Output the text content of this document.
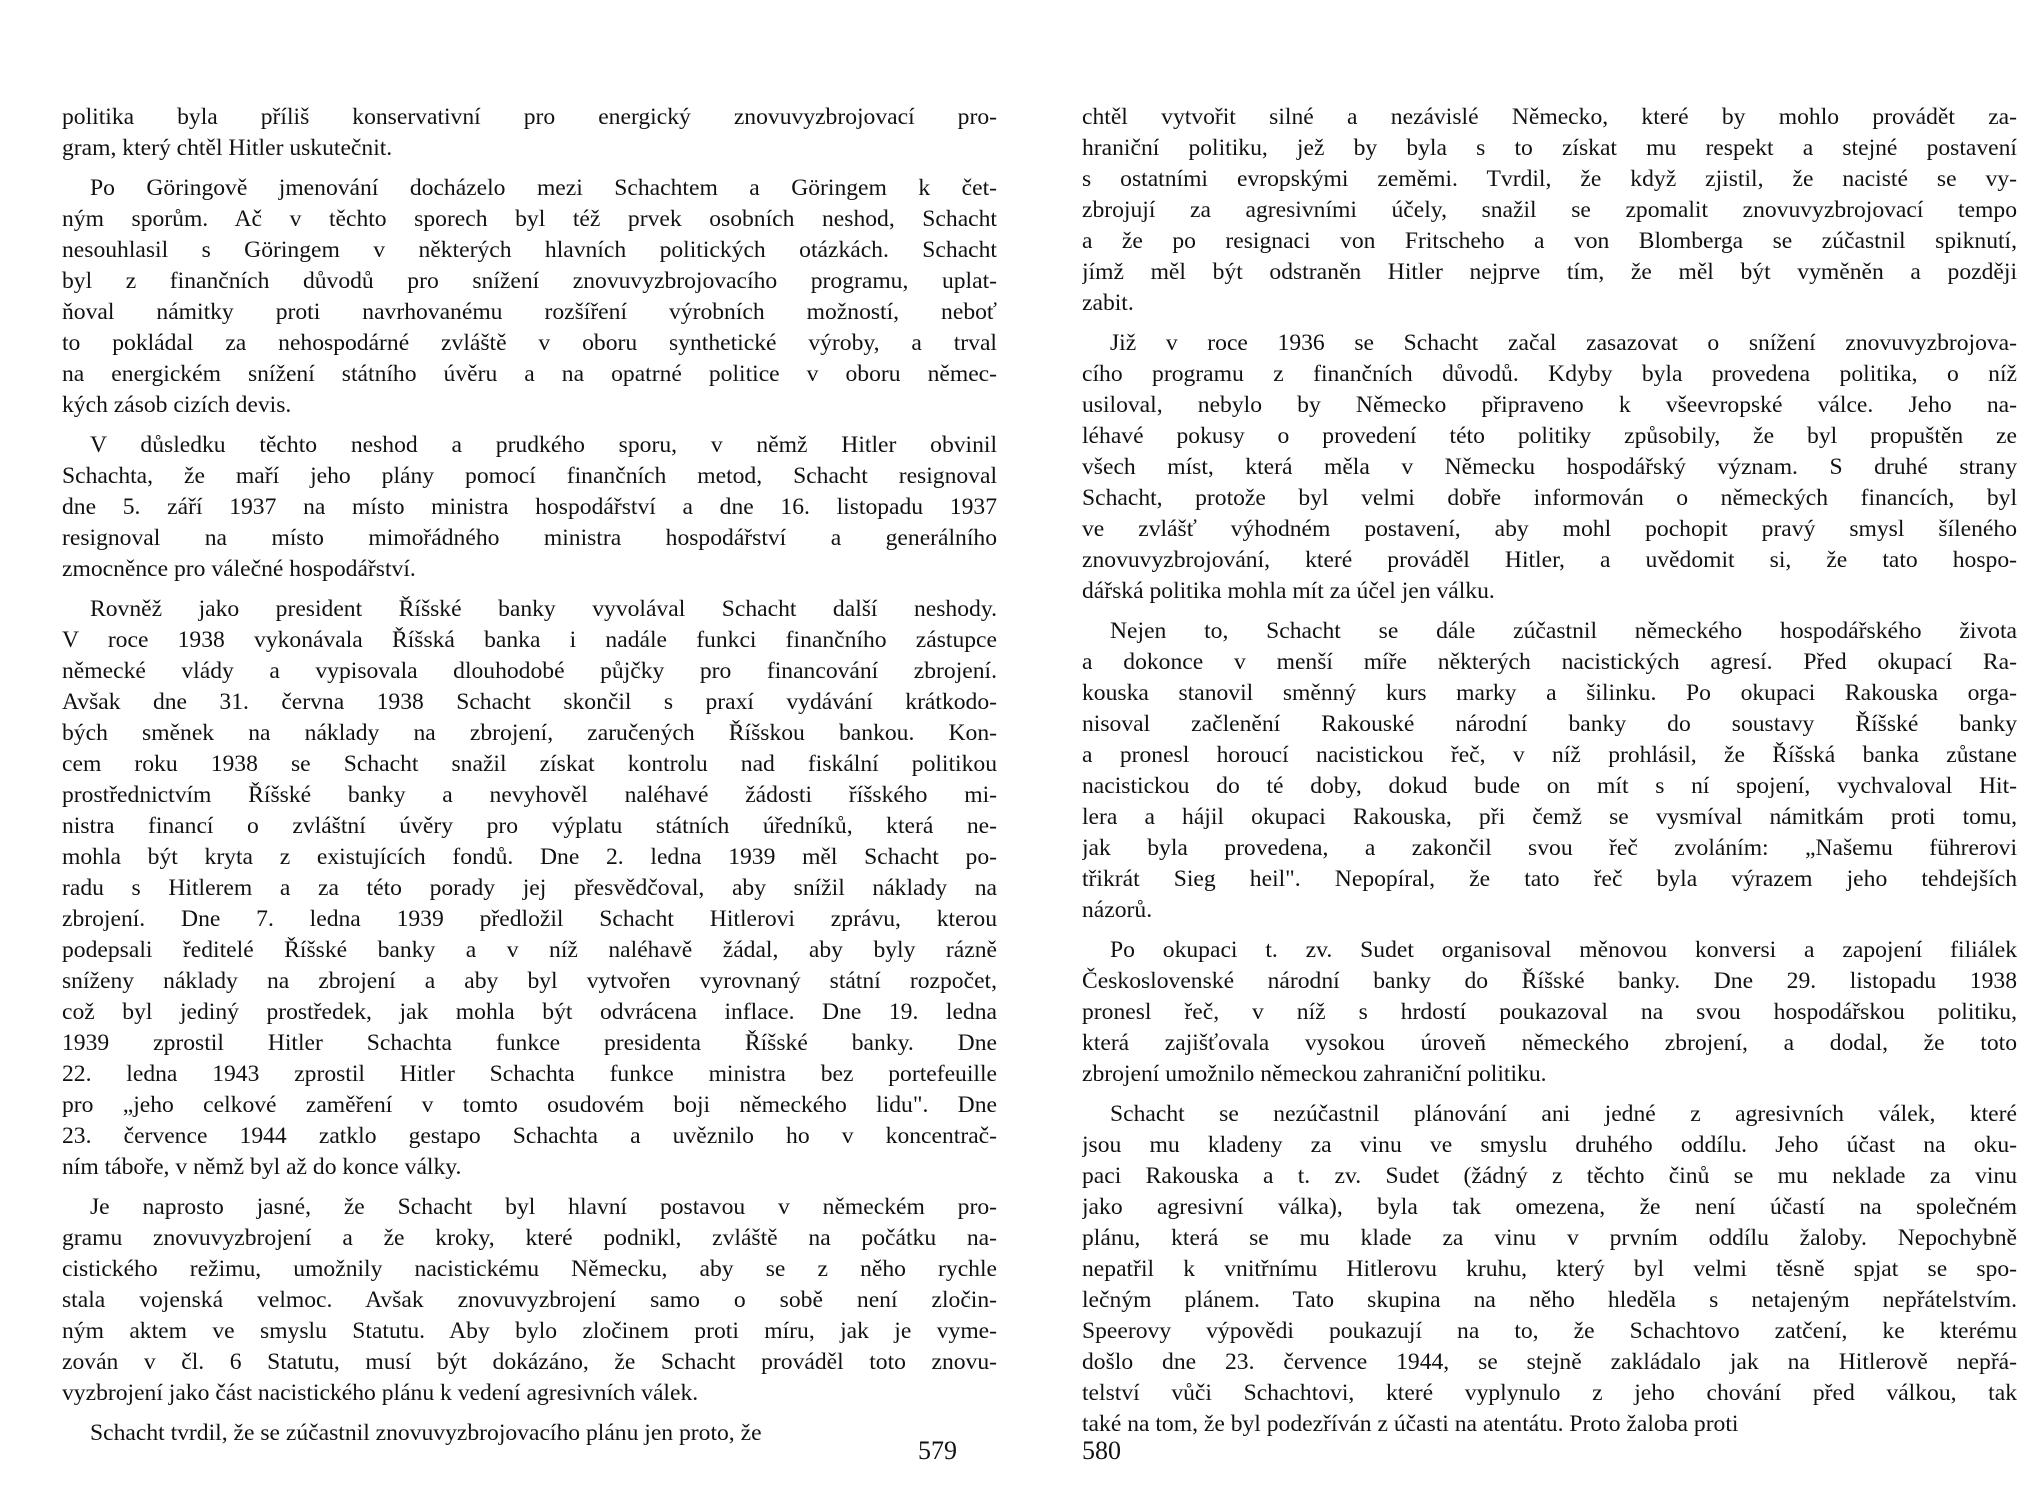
politika byla příliš konservativní pro energický znovuvyzbrojovací pro-
gram, který chtěl Hitler uskutečnit.
Po Göringově jmenování docházelo mezi Schachtem a Göringem k čet-
ným sporům. Ač v těchto sporech byl též prvek osobních neshod, Schacht
nesouhlasil s Göringem v některých hlavních politických otázkách. Schacht
byl z finančních důvodů pro snížení znovuvyzbrojovacího programu, uplat-
ňoval námitky proti navrhovanému rozšíření výrobních možností, neboť
to pokládal za nehospodárné zvláště v oboru synthetické výroby, a trval
na energickém snížení státního úvěru a na opatrné politice v oboru němec-
kých zásob cizích devis.
V důsledku těchto neshod a prudkého sporu, v němž Hitler obvinil
Schachta, že maří jeho plány pomocí finančních metod, Schacht resignoval
dne 5. září 1937 na místo ministra hospodářství a dne 16. listopadu 1937
resignoval na místo mimořádného ministra hospodářství a generálního
zmocněnce pro válečné hospodářství.
Rovněž jako president Říšské banky vyvolával Schacht další neshody.
V roce 1938 vykonávala Říšská banka i nadále funkci finančního zástupce
německé vlády a vypisovala dlouhodobé půjčky pro financování zbrojení.
Avšak dne 31. června 1938 Schacht skončil s praxí vydávání krátkodo-
bých směnek na náklady na zbrojení, zaručených Říšskou bankou. Kon-
cem roku 1938 se Schacht snažil získat kontrolu nad fiskální politikou
prostřednictvím Říšské banky a nevyhověl naléhavé žádosti říšského mi-
nistra financí o zvláštní úvěry pro výplatu státních úředníků, která ne-
mohla být kryta z existujících fondů. Dne 2. ledna 1939 měl Schacht po-
radu s Hitlerem a za této porady jej přesvědčoval, aby snížil náklady na
zbrojení. Dne 7. ledna 1939 předložil Schacht Hitlerovi zprávu, kterou
podepsali ředitelé Říšské banky a v níž naléhavě žádal, aby byly rázně
sníženy náklady na zbrojení a aby byl vytvořen vyrovnaný státní rozpočet,
což byl jediný prostředek, jak mohla být odvrácena inflace. Dne 19. ledna
1939 zprostil Hitler Schachta funkce presidenta Říšské banky. Dne
22. ledna 1943 zprostil Hitler Schachta funkce ministra bez portefeuille
pro „jeho celkové zaměření v tomto osudovém boji německého lidu". Dne
23. července 1944 zatklo gestapo Schachta a uvěznilo ho v koncentrač-
ním táboře, v němž byl až do konce války.
Je naprosto jasné, že Schacht byl hlavní postavou v německém pro-
gramu znovuvyzbrojení a že kroky, které podnikl, zvláště na počátku na-
cistického režimu, umožnily nacistickému Německu, aby se z něho rychle
stala vojenská velmoc. Avšak znovuvyzbrojení samo o sobě není zločin-
ným aktem ve smyslu Statutu. Aby bylo zločinem proti míru, jak je vyme-
zován v čl. 6 Statutu, musí být dokázáno, že Schacht prováděl toto znovu-
vyzbrojení jako část nacistického plánu k vedení agresivních válek.
Schacht tvrdil, že se zúčastnil znovuvyzbrojovacího plánu jen proto, že
chtěl vytvořit silné a nezávislé Německo, které by mohlo provádět za-
hraniční politiku, jež by byla s to získat mu respekt a stejné postavení
s ostatními evropskými zeměmi. Tvrdil, že když zjistil, že nacisté se vy-
zbrojují za agresivními účely, snažil se zpomalit znovuvyzbrojovací tempo
a že po resignaci von Fritscheho a von Blomberga se zúčastnil spiknutí,
jímž měl být odstraněn Hitler nejprve tím, že měl být vyměněn a později
zabit.
Již v roce 1936 se Schacht začal zasazovat o snížení znovuvyzbrojova-
cího programu z finančních důvodů. Kdyby byla provedena politika, o níž
usiloval, nebylo by Německo připraveno k všeevropské válce. Jeho na-
léhavé pokusy o provedení této politiky způsobily, že byl propuštěn ze
všech míst, která měla v Německu hospodářský význam. S druhé strany
Schacht, protože byl velmi dobře informován o německých financích, byl
ve zvlášť výhodném postavení, aby mohl pochopit pravý smysl šíleného
znovuvyzbrojování, které prováděl Hitler, a uvědomit si, že tato hospo-
dářská politika mohla mít za účel jen válku.
Nejen to, Schacht se dále zúčastnil německého hospodářského života
a dokonce v menší míře některých nacistických agresí. Před okupací Ra-
kouska stanovil směnný kurs marky a šilinku. Po okupaci Rakouska orga-
nisoval začlenění Rakouské národní banky do soustavy Říšské banky
a pronesl horoucí nacistickou řeč, v níž prohlásil, že Říšská banka zůstane
nacistickou do té doby, dokud bude on mít s ní spojení, vychvaloval Hit-
lera a hájil okupaci Rakouska, při čemž se vysmíval námitkám proti tomu,
jak byla provedena, a zakončil svou řeč zvoláním: „Našemu führerovi
třikrát Sieg heil". Nepopíral, že tato řeč byla výrazem jeho tehdejších
názorů.
Po okupaci t. zv. Sudet organisoval měnovou konversi a zapojení filiálek
Československé národní banky do Říšské banky. Dne 29. listopadu 1938
pronesl řeč, v níž s hrdostí poukazoval na svou hospodářskou politiku,
která zajišťovala vysokou úroveň německého zbrojení, a dodal, že toto
zbrojení umožnilo německou zahraniční politiku.
Schacht se nezúčastnil plánování ani jedné z agresivních válek, které
jsou mu kladeny za vinu ve smyslu druhého oddílu. Jeho účast na oku-
paci Rakouska a t. zv. Sudet (žádný z těchto činů se mu neklade za vinu
jako agresivní válka), byla tak omezena, že není účastí na společném
plánu, která se mu klade za vinu v prvním oddílu žaloby. Nepochybně
nepatřil k vnitřnímu Hitlerovu kruhu, který byl velmi těsně spjat se spo-
lečným plánem. Tato skupina na něho hleděla s netajeným nepřátelstvím.
Speerovy výpovědi poukazují na to, že Schachtovo zatčení, ke kterému
došlo dne 23. července 1944, se stejně zakládalo jak na Hitlerově nepřá-
telství vůči Schachtovi, které vyplynulo z jeho chování před válkou, tak
také na tom, že byl podezříván z účasti na atentátu. Proto žaloba proti
579	580
